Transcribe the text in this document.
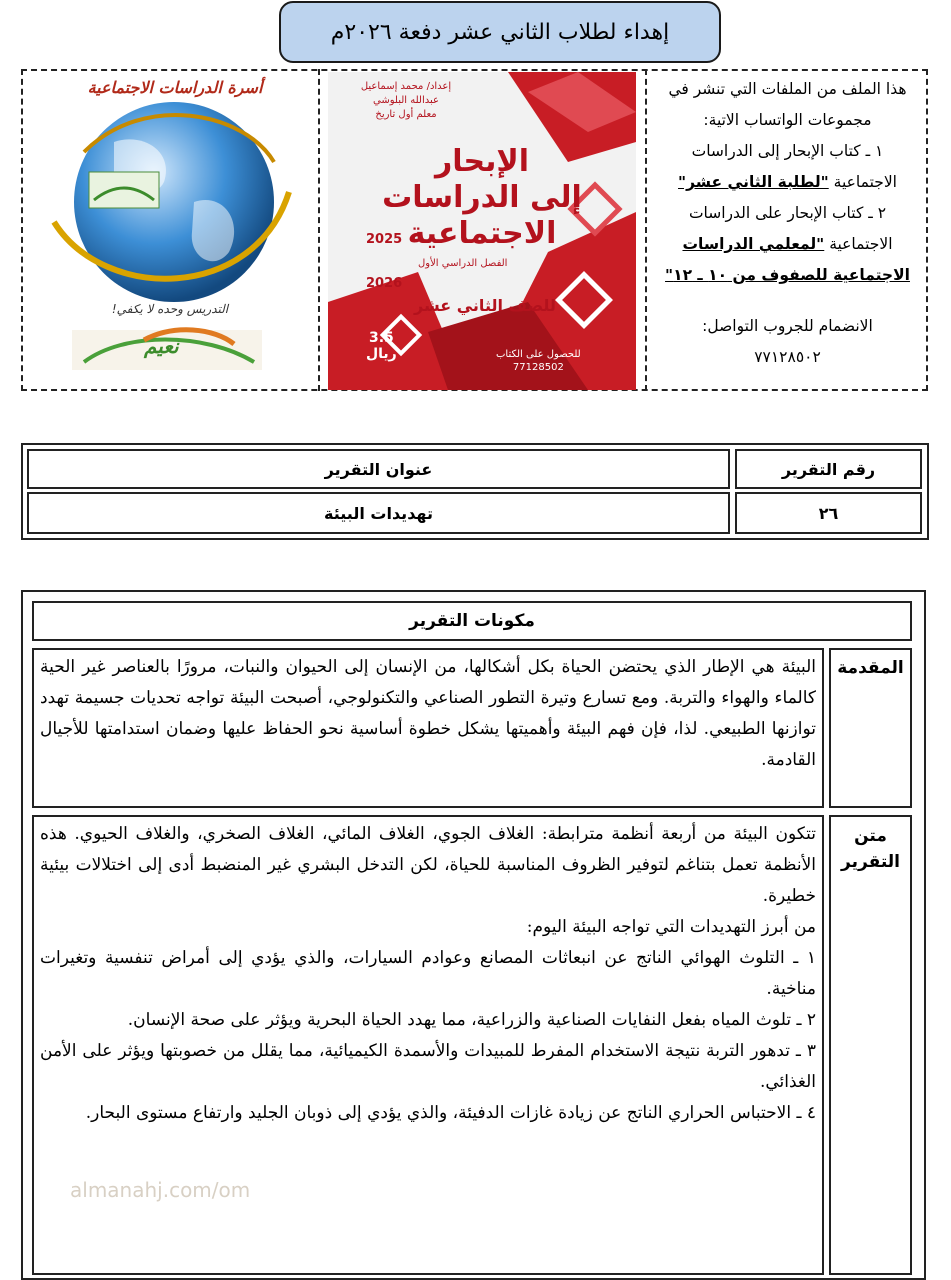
إهداء لطلاب الثاني عشر دفعة ٢٠٢٦م
هذا الملف من الملفات التي تنشر في
مجموعات الواتساب الاتية:
١ ـ كتاب الإبحار إلى الدراسات
الاجتماعية "لطلبة الثاني عشر"
٢ ـ كتاب الإبحار على الدراسات
الاجتماعية "لمعلمي الدراسات
الاجتماعية للصفوف من ١٠ ـ ١٢"
الانضمام للجروب التواصل:
٧٧١٢٨٥٠٢
إعداد/ محمد إسماعيل
عبدالله البلوشي
معلم أول تاريخ
الإبحار
إلى الدراسات
الاجتماعية
2025
الفصل الدراسي الأول
2026
للصف الثاني عشر
3.5
ريال	للحصول على الكتاب
77128502
أسرة الدراسات الاجتماعية
التدريس وحده لا يكفي!
نعيم
رقم التقرير
عنوان التقرير
٢٦
تهديدات البيئة
مكونات التقرير
المقدمة
البيئة هي الإطار الذي يحتضن الحياة بكل أشكالها، من الإنسان إلى الحيوان والنبات، مرورًا بالعناصر غير الحية كالماء والهواء والتربة. ومع تسارع وتيرة التطور الصناعي والتكنولوجي، أصبحت البيئة تواجه تحديات جسيمة تهدد توازنها الطبيعي. لذا، فإن فهم البيئة وأهميتها يشكل خطوة أساسية نحو الحفاظ عليها وضمان استدامتها للأجيال القادمة.
متن
التقرير

تتكون البيئة من أربعة أنظمة مترابطة: الغلاف الجوي، الغلاف المائي، الغلاف الصخري، والغلاف الحيوي. هذه الأنظمة تعمل بتناغم لتوفير الظروف المناسبة للحياة، لكن التدخل البشري غير المنضبط أدى إلى اختلالات بيئية خطيرة.

من أبرز التهديدات التي تواجه البيئة اليوم:

١ ـ التلوث الهوائي الناتج عن انبعاثات المصانع وعوادم السيارات، والذي يؤدي إلى أمراض تنفسية وتغيرات مناخية.

٢ ـ تلوث المياه بفعل النفايات الصناعية والزراعية، مما يهدد الحياة البحرية ويؤثر على صحة الإنسان.

٣ ـ تدهور التربة نتيجة الاستخدام المفرط للمبيدات والأسمدة الكيميائية، مما يقلل من خصوبتها ويؤثر على الأمن الغذائي.

٤ ـ الاحتباس الحراري الناتج عن زيادة غازات الدفيئة، والذي يؤدي إلى ذوبان الجليد وارتفاع مستوى البحار.

almanahj.com/om
